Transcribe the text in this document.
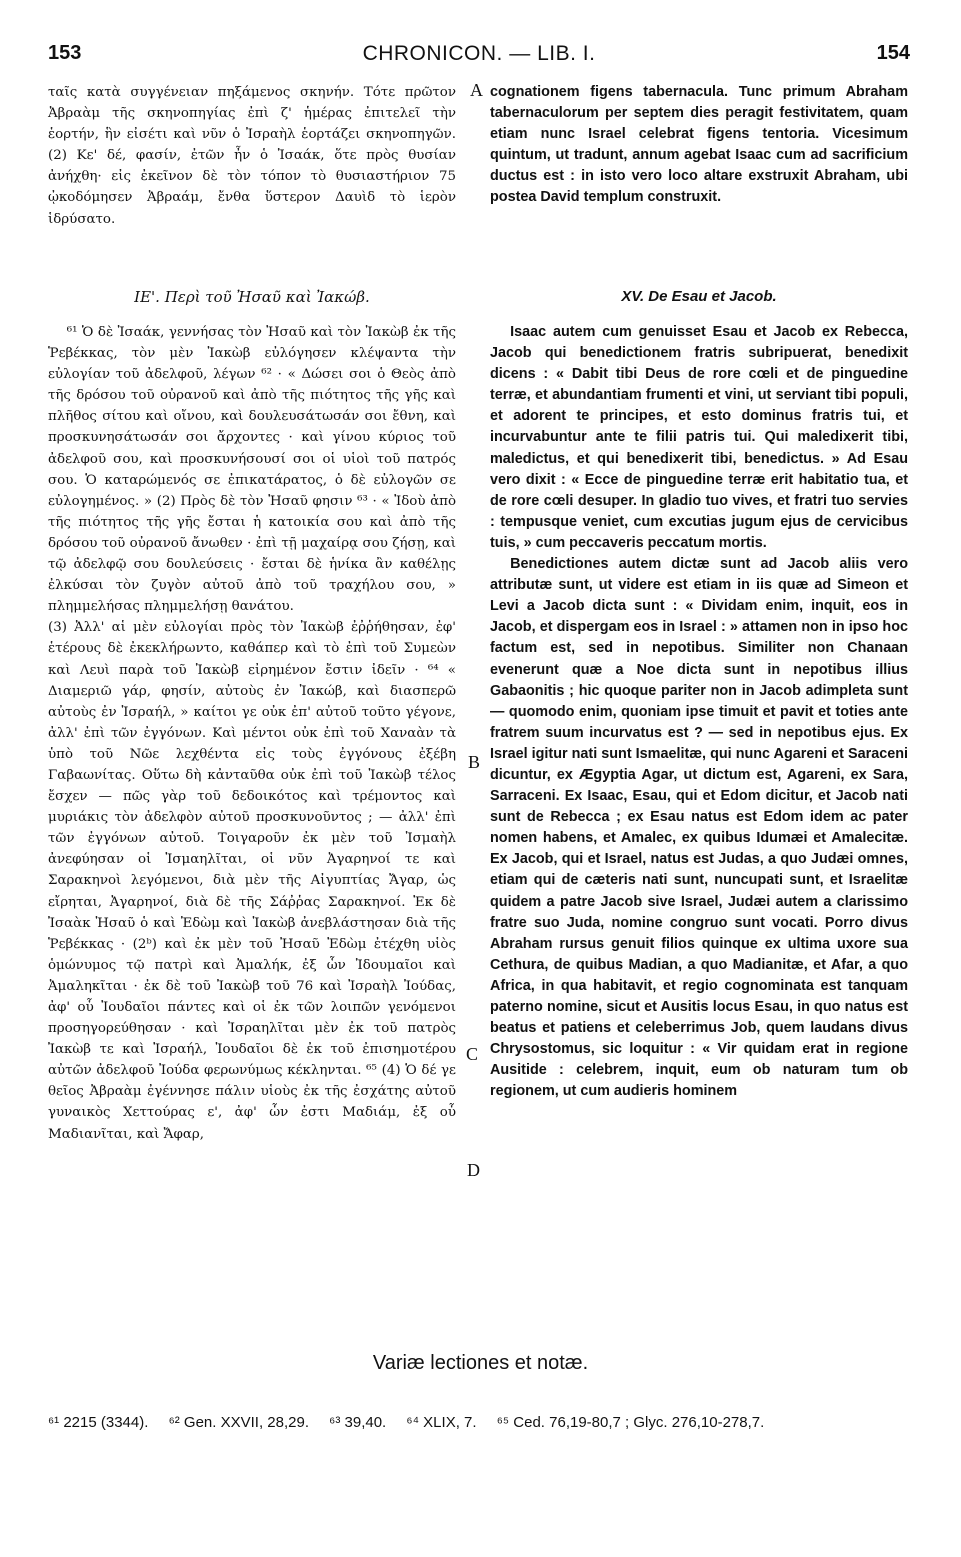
153	CHRONICON. — LIB. I.	154
A
B
C
D

ταῖς κατὰ συγγένειαν πηξάμενος σκηνήν. Τότε πρῶτον Ἀβραὰμ τῆς σκηνοπηγίας ἐπὶ ζ' ἡμέρας ἐπιτελεῖ τὴν ἑορτήν, ἣν εἰσέτι καὶ νῦν ὁ Ἰσραὴλ ἑορτάζει σκηνοπηγῶν. (2) Κε' δέ, φασίν, ἐτῶν ἦν ὁ Ἰσαάκ, ὅτε πρὸς θυσίαν ἀνήχθη· εἰς ἐκεῖνον δὲ τὸν τόπον τὸ θυσιαστήριον 75 ᾠκοδόμησεν Ἀβραάμ, ἔνθα ὕστερον Δαυὶδ τὸ ἱερὸν ἱδρύσατο.

cognationem figens tabernacula. Tunc primum Abraham tabernaculorum per septem dies peragit festivitatem, quam etiam nunc Israel celebrat figens tentoria. Vicesimum quintum, ut tradunt, annum agebat Isaac cum ad sacrificium ductus est : in isto vero loco altare exstruxit Abraham, ubi postea David templum construxit.

ΙΕ'. Περὶ τοῦ Ἠσαῦ καὶ Ἰακώβ.	XV. De Esau et Jacob.

⁶¹ Ὁ δὲ Ἰσαάκ, γεννήσας τὸν Ἠσαῦ καὶ τὸν Ἰακὼβ ἐκ τῆς Ῥεβέκκας, τὸν μὲν Ἰακὼβ εὐλόγησεν κλέψαντα τὴν εὐλογίαν τοῦ ἀδελφοῦ, λέγων ⁶² · « Δώσει σοι ὁ Θεὸς ἀπὸ τῆς δρόσου τοῦ οὐρανοῦ καὶ ἀπὸ τῆς πιότητος τῆς γῆς καὶ πλῆθος σίτου καὶ οἴνου, καὶ δουλευσάτωσάν σοι ἔθνη, καὶ προσκυνησάτωσάν σοι ἄρχοντες · καὶ γίνου κύριος τοῦ ἀδελφοῦ σου, καὶ προσκυνήσουσί σοι οἱ υἱοὶ τοῦ πατρός σου. Ὁ καταρώμενός σε ἐπικατάρατος, ὁ δὲ εὐλογῶν σε εὐλογημένος. » (2) Πρὸς δὲ τὸν Ἠσαῦ φησιν ⁶³ · « Ἰδοὺ ἀπὸ τῆς πιότητος τῆς γῆς ἔσται ἡ κατοικία σου καὶ ἀπὸ τῆς δρόσου τοῦ οὐρανοῦ ἄνωθεν · ἐπὶ τῇ μαχαίρᾳ σου ζήσῃ, καὶ τῷ ἀδελφῷ σου δουλεύσεις · ἔσται δὲ ἡνίκα ἂν καθέλῃς ἐλκύσαι τὸν ζυγὸν αὐτοῦ ἀπὸ τοῦ τραχήλου σου, » πλημμελήσας πλημμελήσῃ θανάτου.

(3) Ἀλλ' αἱ μὲν εὐλογίαι πρὸς τὸν Ἰακὼβ ἐῤῥήθησαν, ἐφ' ἑτέρους δὲ ἐκεκλήρωντο, καθάπερ καὶ τὸ ἐπὶ τοῦ Συμεὼν καὶ Λευὶ παρὰ τοῦ Ἰακὼβ εἰρημένον ἔστιν ἰδεῖν · ⁶⁴ « Διαμεριῶ γάρ, φησίν, αὐτοὺς ἐν Ἰακώβ, καὶ διασπερῶ αὐτοὺς ἐν Ἰσραήλ, » καίτοι γε οὐκ ἐπ' αὐτοῦ τοῦτο γέγονε, ἀλλ' ἐπὶ τῶν ἐγγόνων. Καὶ μέντοι οὐκ ἐπὶ τοῦ Χαναὰν τὰ ὑπὸ τοῦ Νῶε λεχθέντα εἰς τοὺς ἐγγόνους ἐξέβη Γαβαωνίτας. Οὕτω δὴ κἀνταῦθα οὐκ ἐπὶ τοῦ Ἰακὼβ τέλος ἔσχεν — πῶς γὰρ τοῦ δεδοικότος καὶ τρέμοντος καὶ μυριάκις τὸν ἀδελφὸν αὐτοῦ προσκυνοῦντος ; — ἀλλ' ἐπὶ τῶν ἐγγόνων αὐτοῦ. Τοιγαροῦν ἐκ μὲν τοῦ Ἰσμαὴλ ἀνεφύησαν οἱ Ἰσμαηλῖται, οἱ νῦν Ἀγαρηνοί τε καὶ Σαρακηνοὶ λεγόμενοι, διὰ μὲν τῆς Αἰγυπτίας Ἄγαρ, ὡς εἴρηται, Ἀγαρηνοί, διὰ δὲ τῆς Σάῤῥας Σαρακηνοί. Ἐκ δὲ Ἰσαὰκ Ἠσαῦ ὁ καὶ Ἐδὼμ καὶ Ἰακὼβ ἀνεβλάστησαν διὰ τῆς Ῥεβέκκας · (2ᵇ) καὶ ἐκ μὲν τοῦ Ἠσαῦ Ἐδὼμ ἐτέχθη υἱὸς ὁμώνυμος τῷ πατρὶ καὶ Ἀμαλήκ, ἐξ ὧν Ἰδουμαῖοι καὶ Ἀμαληκῖται · ἐκ δὲ τοῦ Ἰακὼβ τοῦ 76 καὶ Ἰσραὴλ Ἰούδας, ἀφ' οὗ Ἰουδαῖοι πάντες καὶ οἱ ἐκ τῶν λοιπῶν γενόμενοι προσηγορεύθησαν · καὶ Ἰσραηλῖται μὲν ἐκ τοῦ πατρὸς Ἰακὼβ τε καὶ Ἰσραήλ, Ἰουδαῖοι δὲ ἐκ τοῦ ἐπισημοτέρου αὐτῶν ἀδελφοῦ Ἰούδα φερωνύμως κέκληνται. ⁶⁵ (4) Ὁ δέ γε θεῖος Ἀβραὰμ ἐγέννησε πάλιν υἱοὺς ἐκ τῆς ἐσχάτης αὐτοῦ γυναικὸς Χεττούρας ε', ἀφ' ὧν ἐστι Μαδιάμ, ἐξ οὗ Μαδιανῖται, καὶ Ἄφαρ,

Isaac autem cum genuisset Esau et Jacob ex Rebecca, Jacob qui benedictionem fratris subripuerat, benedixit dicens : « Dabit tibi Deus de rore cœli et de pinguedine terræ, et abundantiam frumenti et vini, ut serviant tibi populi, et adorent te principes, et esto dominus fratris tui, et incurvabuntur ante te filii patris tui. Qui maledixerit tibi, maledictus, et qui benedixerit tibi, benedictus. » Ad Esau vero dixit : « Ecce de pinguedine terræ erit habitatio tua, et de rore cœli desuper. In gladio tuo vives, et fratri tuo servies : tempusque veniet, cum excutias jugum ejus de cervicibus tuis, » cum peccaveris peccatum mortis.

Benedictiones autem dictæ sunt ad Jacob aliis vero attributæ sunt, ut videre est etiam in iis quæ ad Simeon et Levi a Jacob dicta sunt : « Dividam enim, inquit, eos in Jacob, et dispergam eos in Israel : » attamen non in ipso hoc factum est, sed in nepotibus. Similiter non Chanaan evenerunt quæ a Noe dicta sunt in nepotibus illius Gabaonitis ; hic quoque pariter non in Jacob adimpleta sunt — quomodo enim, quoniam ipse timuit et pavit et toties ante fratrem suum incurvatus est ? — sed in nepotibus ejus. Ex Israel igitur nati sunt Ismaelitæ, qui nunc Agareni et Saraceni dicuntur, ex Ægyptia Agar, ut dictum est, Agareni, ex Sara, Sarraceni. Ex Isaac, Esau, qui et Edom dicitur, et Jacob nati sunt de Rebecca ; ex Esau natus est Edom idem ac pater nomen habens, et Amalec, ex quibus Idumæi et Amalecitæ. Ex Jacob, qui et Israel, natus est Judas, a quo Judæi omnes, etiam qui de cæteris nati sunt, nuncupati sunt, et Israelitæ quidem a patre Jacob sive Israel, Judæi autem a clarissimo fratre suo Juda, nomine congruo sunt vocati. Porro divus Abraham rursus genuit filios quinque ex ultima uxore sua Cethura, de quibus Madian, a quo Madianitæ, et Afar, a quo Africa, in qua habitavit, et regio cognominata est tanquam paterno nomine, sicut et Ausitis locus Esau, in quo natus est beatus et patiens et celeberrimus Job, quem laudans divus Chrysostomus, sic loquitur : « Vir quidam erat in regione Ausitide : celebrem, inquit, eum ob naturam tum ob regionem, ut cum audieris hominem

Variæ lectiones et notæ.
⁶¹ 2215 (3344). ⁶² Gen. XXVII, 28,29. ⁶³ 39,40. ⁶⁴ XLIX, 7. ⁶⁵ Ced. 76,19-80,7 ; Glyc. 276,10-278,7.
